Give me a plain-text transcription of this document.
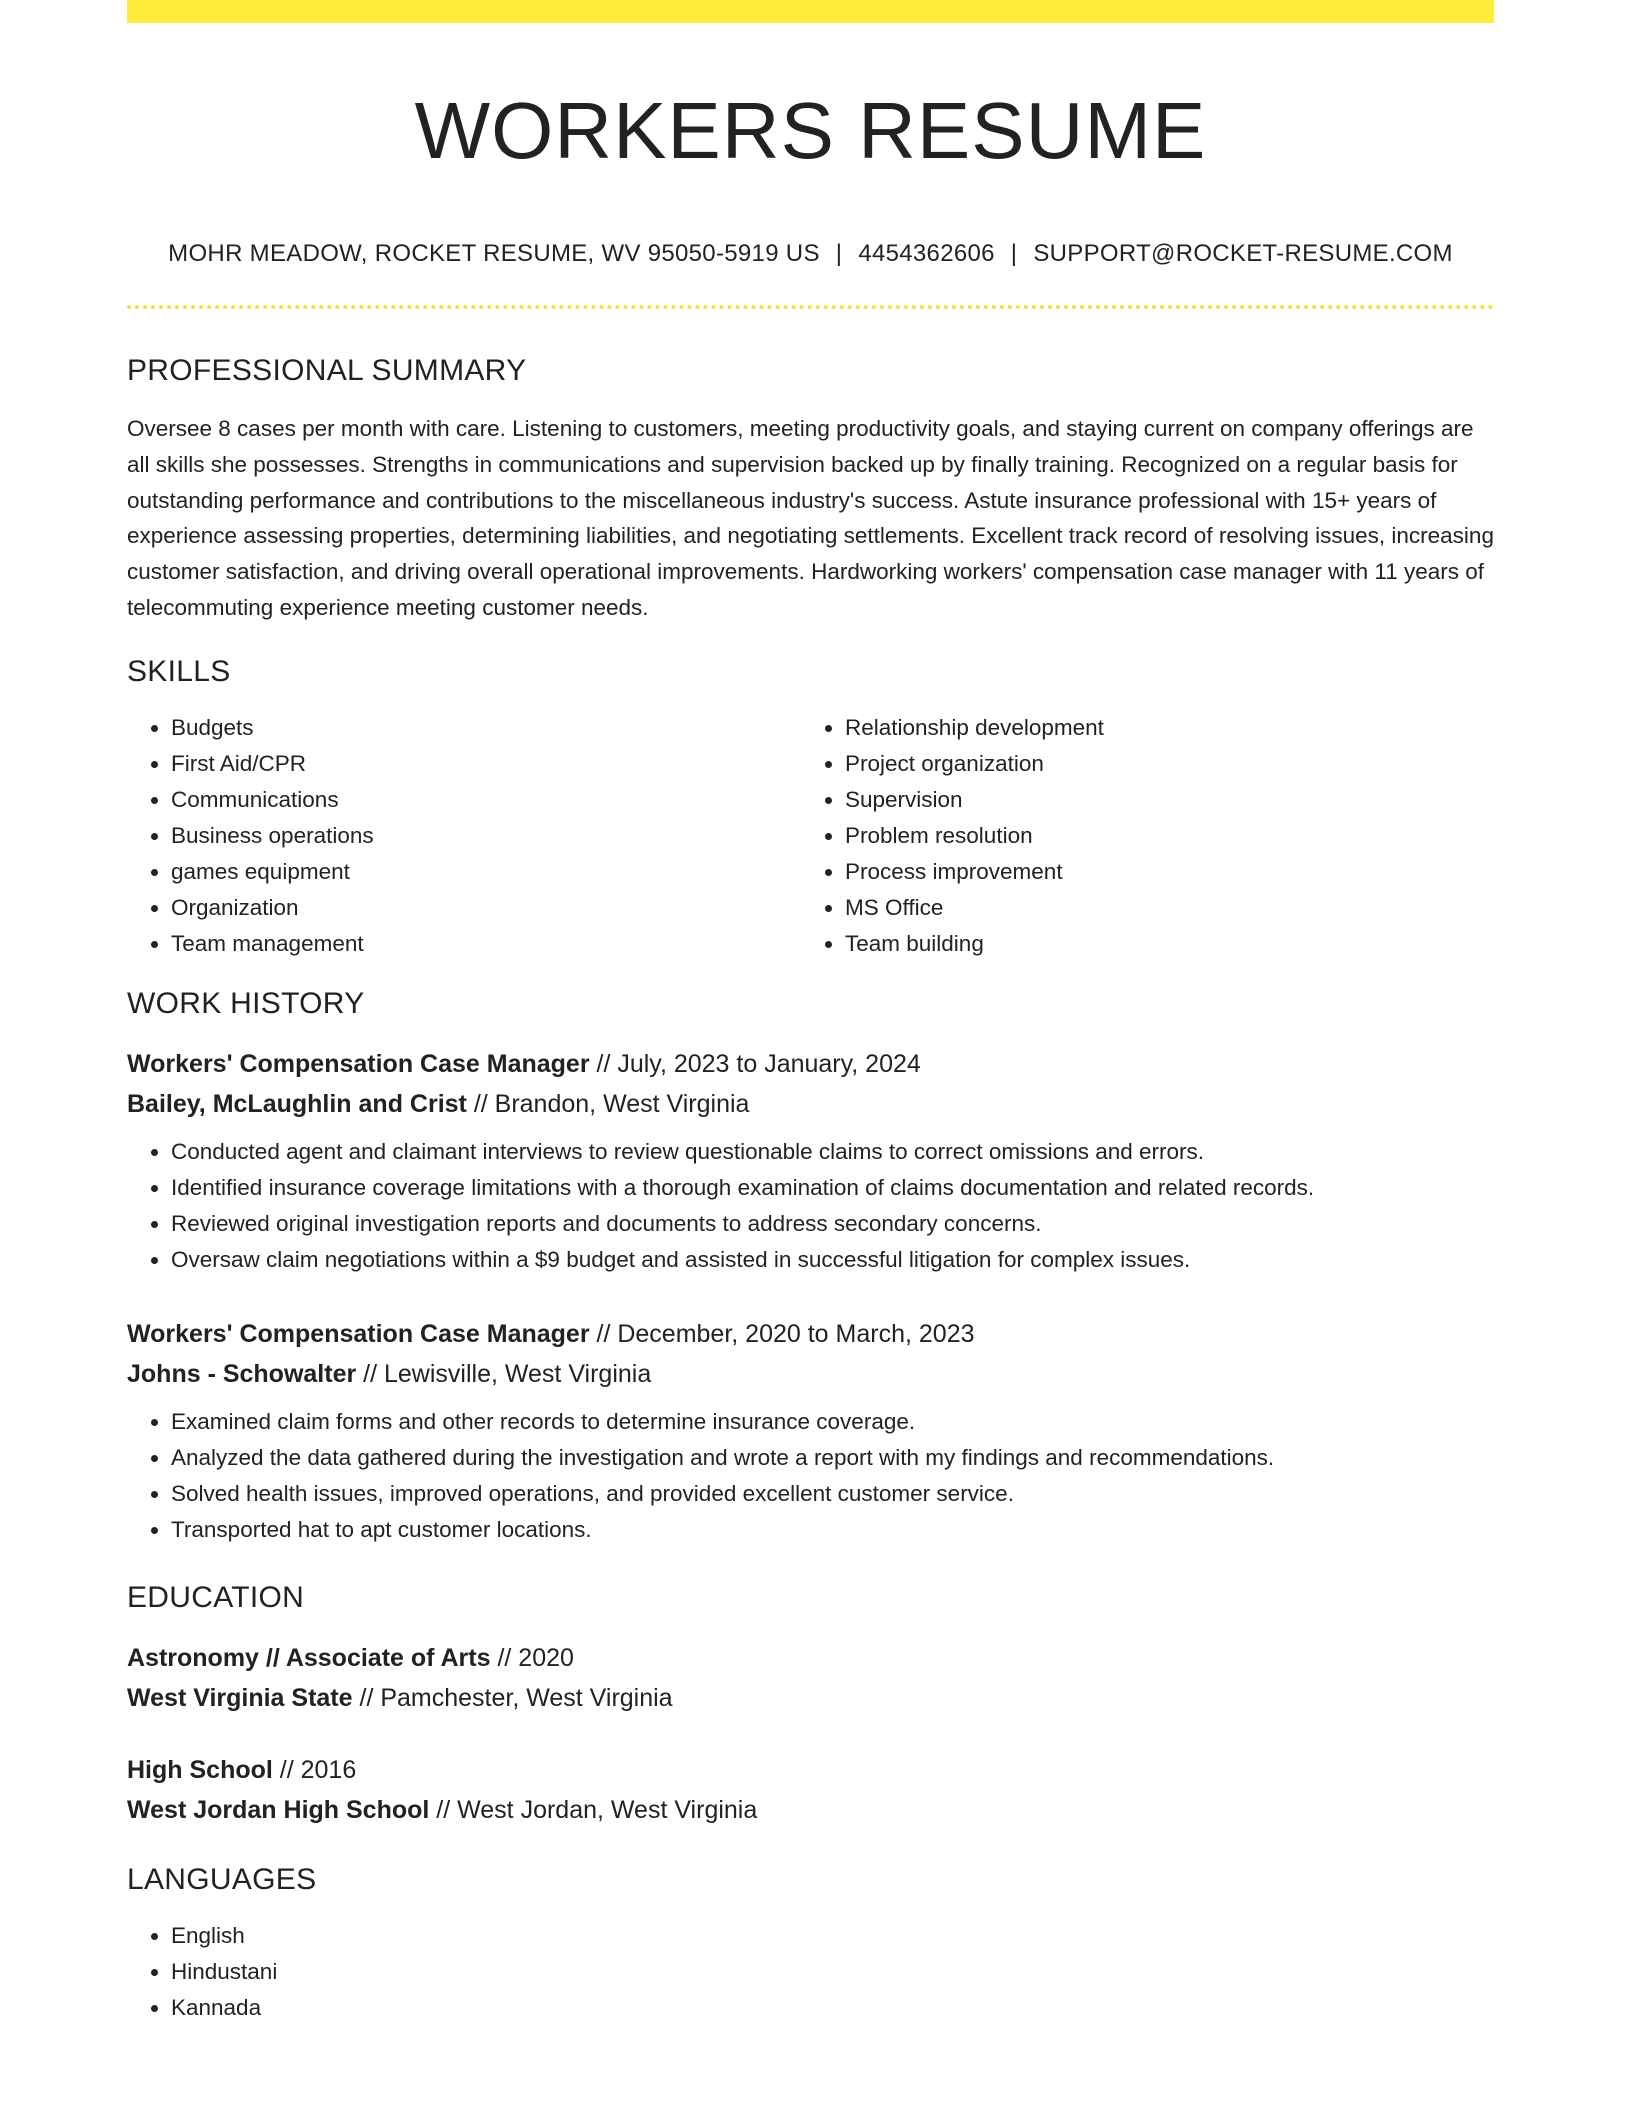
WORKERS RESUME
MOHR MEADOW, ROCKET RESUME, WV 95050-5919 US | 4454362606 | SUPPORT@ROCKET-RESUME.COM
PROFESSIONAL SUMMARY
Oversee 8 cases per month with care. Listening to customers, meeting productivity goals, and staying current on company offerings are all skills she possesses. Strengths in communications and supervision backed up by finally training. Recognized on a regular basis for outstanding performance and contributions to the miscellaneous industry's success. Astute insurance professional with 15+ years of experience assessing properties, determining liabilities, and negotiating settlements. Excellent track record of resolving issues, increasing customer satisfaction, and driving overall operational improvements. Hardworking workers' compensation case manager with 11 years of telecommuting experience meeting customer needs.
SKILLS
• Budgets
• First Aid/CPR
• Communications
• Business operations
• games equipment
• Organization
• Team management
• Relationship development
• Project organization
• Supervision
• Problem resolution
• Process improvement
• MS Office
• Team building
WORK HISTORY
Workers' Compensation Case Manager // July, 2023 to January, 2024
Bailey, McLaughlin and Crist // Brandon, West Virginia
• Conducted agent and claimant interviews to review questionable claims to correct omissions and errors.
• Identified insurance coverage limitations with a thorough examination of claims documentation and related records.
• Reviewed original investigation reports and documents to address secondary concerns.
• Oversaw claim negotiations within a $9 budget and assisted in successful litigation for complex issues.
Workers' Compensation Case Manager // December, 2020 to March, 2023
Johns - Schowalter // Lewisville, West Virginia
• Examined claim forms and other records to determine insurance coverage.
• Analyzed the data gathered during the investigation and wrote a report with my findings and recommendations.
• Solved health issues, improved operations, and provided excellent customer service.
• Transported hat to apt customer locations.
EDUCATION
Astronomy // Associate of Arts // 2020
West Virginia State // Pamchester, West Virginia
High School // 2016
West Jordan High School // West Jordan, West Virginia
LANGUAGES
• English
• Hindustani
• Kannada
